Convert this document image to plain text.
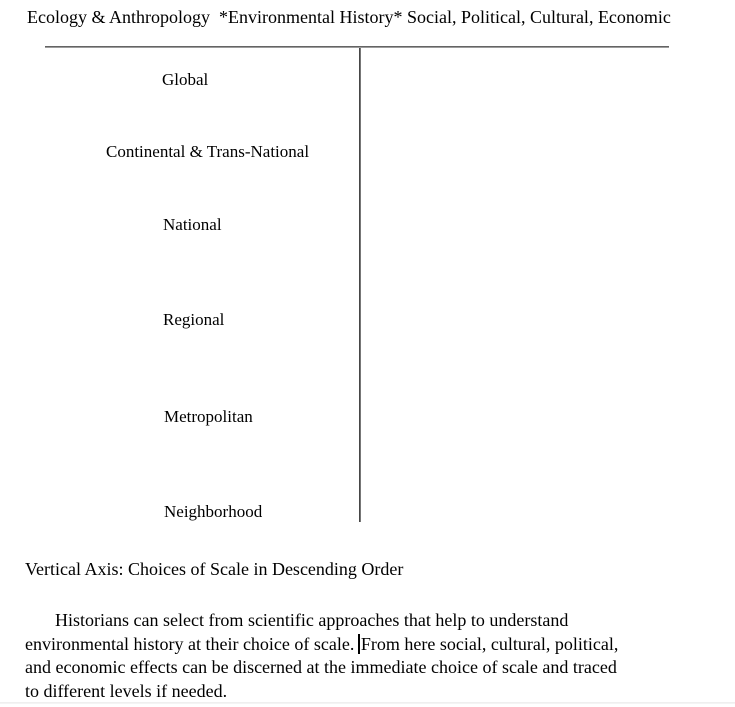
Ecology & Anthropology  *Environmental History* Social, Political, Cultural, Economic
Global
Continental & Trans-National
National
Regional
Metropolitan
Neighborhood
Vertical Axis: Choices of Scale in Descending Order
Historians can select from scientific approaches that help to understand
environmental history at their choice of scale. From here social, cultural, political,
and economic effects can be discerned at the immediate choice of scale and traced
to different levels if needed.
